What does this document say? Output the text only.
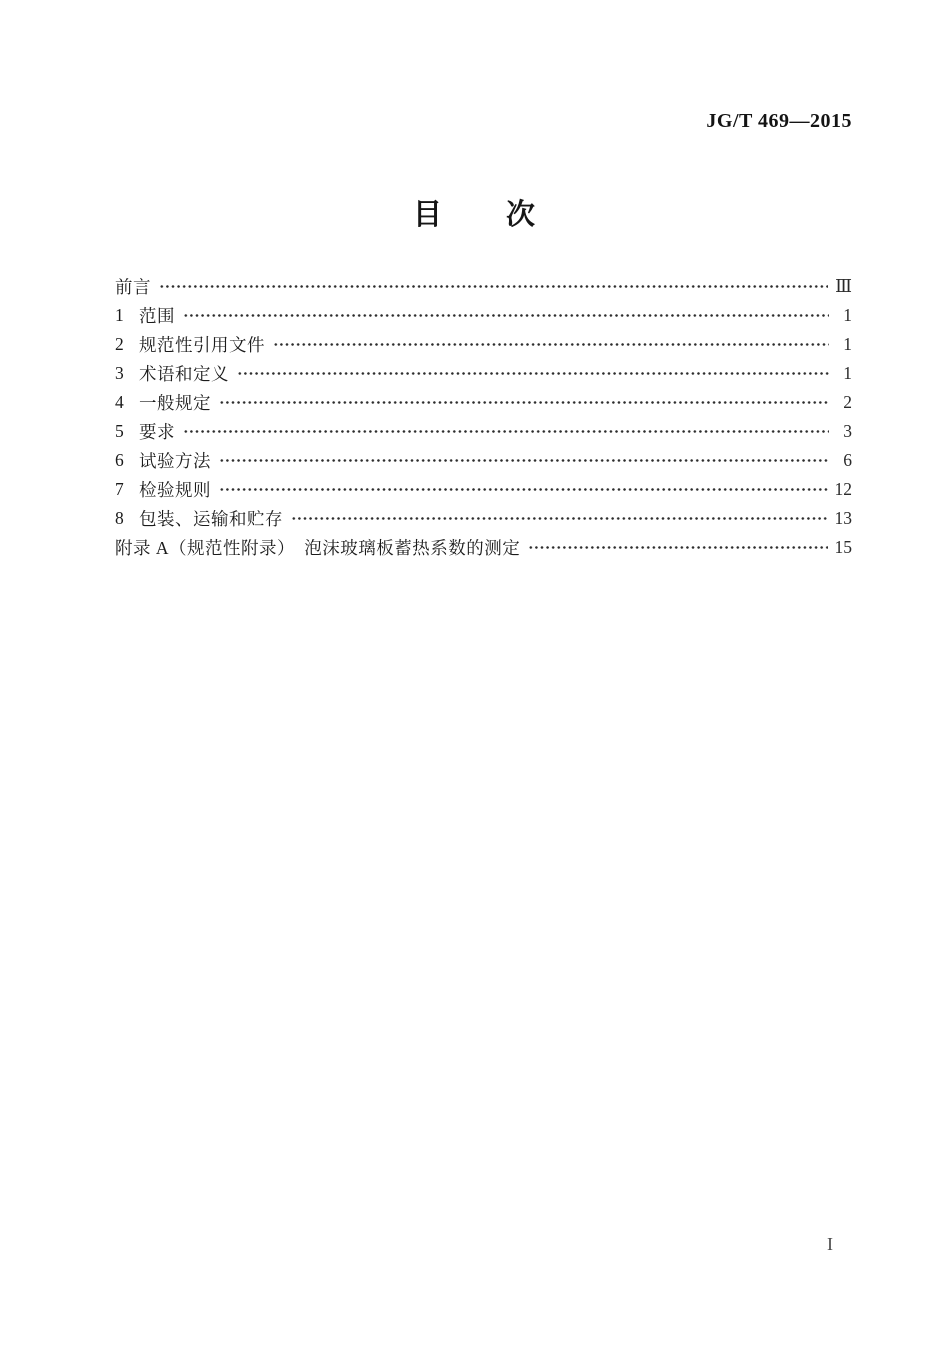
JG/T 469—2015
目　　次
前言	Ⅲ
1 范围	1
2 规范性引用文件	1
3 术语和定义	1
4 一般规定	2
5 要求	3
6 试验方法	6
7 检验规则	12
8 包装、运输和贮存	13
附录 A（规范性附录）　泡沫玻璃板蓄热系数的测定	15
I
